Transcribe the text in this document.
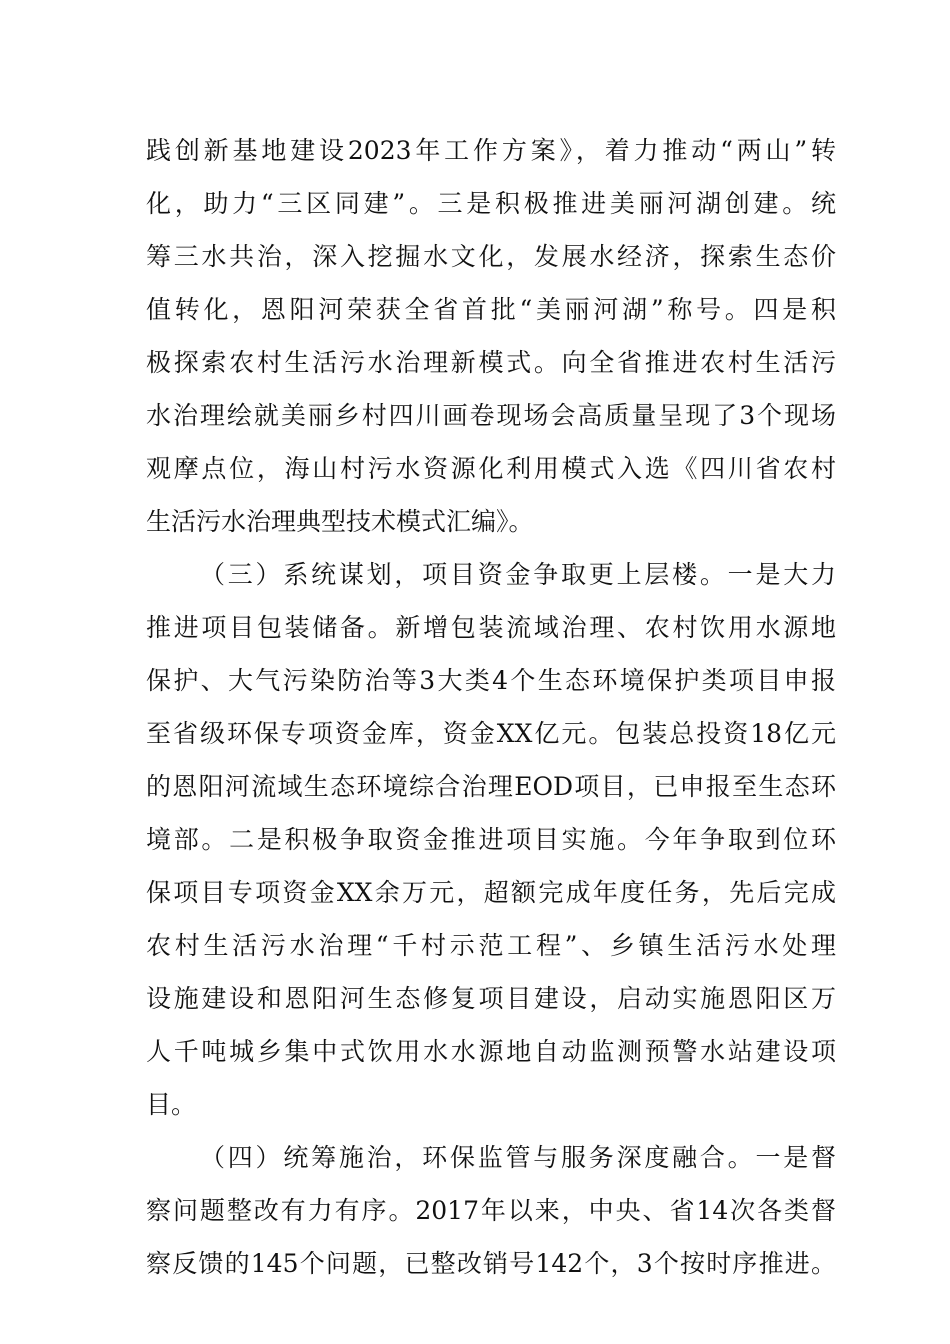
践创新基地建设2023年工作方案》，着力推动“两山”转
化，助力“三区同建”。三是积极推进美丽河湖创建。统
筹三水共治，深入挖掘水文化，发展水经济，探索生态价
值转化，恩阳河荣获全省首批“美丽河湖”称号。四是积
极探索农村生活污水治理新模式。向全省推进农村生活污
水治理绘就美丽乡村四川画卷现场会高质量呈现了3个现场
观摩点位，海山村污水资源化利用模式入选《四川省农村
生活污水治理典型技术模式汇编》。
（三）系统谋划，项目资金争取更上层楼。一是大力
推进项目包装储备。新增包装流域治理、农村饮用水源地
保护、大气污染防治等3大类4个生态环境保护类项目申报
至省级环保专项资金库，资金XX亿元。包装总投资18亿元
的恩阳河流域生态环境综合治理EOD项目，已申报至生态环
境部。二是积极争取资金推进项目实施。今年争取到位环
保项目专项资金XX余万元，超额完成年度任务，先后完成
农村生活污水治理“千村示范工程”、乡镇生活污水处理
设施建设和恩阳河生态修复项目建设，启动实施恩阳区万
人千吨城乡集中式饮用水水源地自动监测预警水站建设项
目。
（四）统筹施治，环保监管与服务深度融合。一是督
察问题整改有力有序。2017年以来，中央、省14次各类督
察反馈的145个问题，已整改销号142个，3个按时序推进。
